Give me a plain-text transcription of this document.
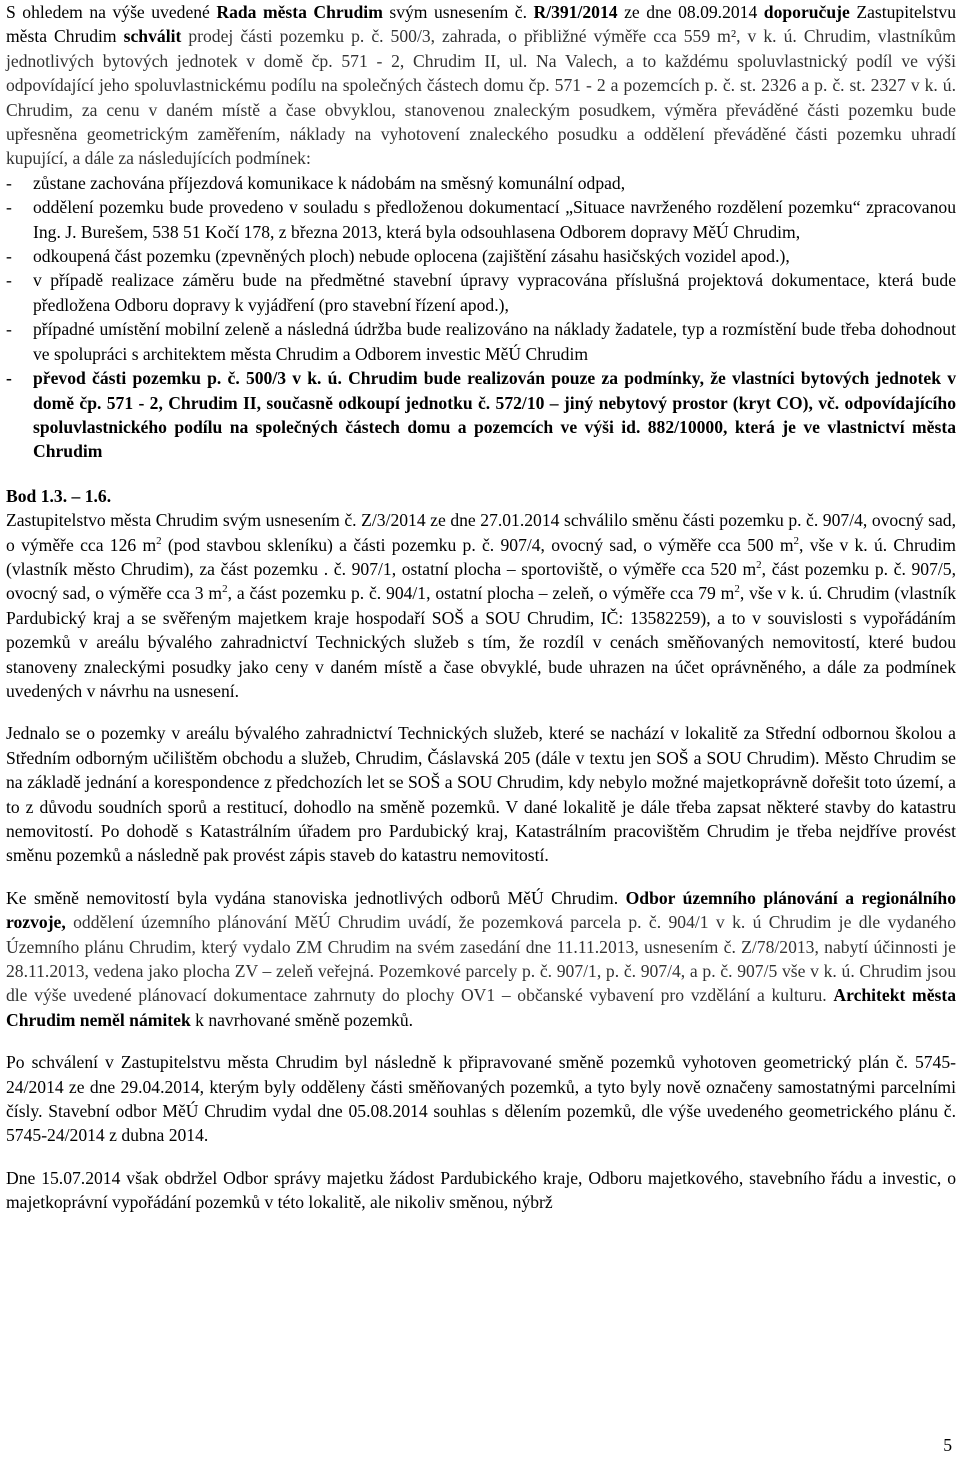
S ohledem na výše uvedené Rada města Chrudim svým usnesením č. R/391/2014 ze dne 08.09.2014 doporučuje Zastupitelstvu města Chrudim schválit prodej části pozemku p. č. 500/3, zahrada, o přibližné výměře cca 559 m², v k. ú. Chrudim, vlastníkům jednotlivých bytových jednotek v domě čp. 571 - 2, Chrudim II, ul. Na Valech, a to každému spoluvlastnický podíl ve výši odpovídající jeho spoluvlastnickému podílu na společných částech domu čp. 571 - 2 a pozemcích p. č. st. 2326 a p. č. st. 2327 v k. ú. Chrudim, za cenu v daném místě a čase obvyklou, stanovenou znaleckým posudkem, výměra převáděné části pozemku bude upřesněna geometrickým zaměřením, náklady na vyhotovení znaleckého posudku a oddělení převáděné části pozemku uhradí kupující, a dále za následujících podmínek:

-	zůstane zachována příjezdová komunikace k nádobám na směsný komunální odpad,
-	oddělení pozemku bude provedeno v souladu s předloženou dokumentací „Situace navrženého rozdělení pozemku“ zpracovanou Ing. J. Burešem, 538 51 Kočí 178, z března 2013, která byla odsouhlasena Odborem dopravy MěÚ Chrudim,
-	odkoupená část pozemku (zpevněných ploch) nebude oplocena (zajištění zásahu hasičských vozidel apod.),
-	v případě realizace záměru bude na předmětné stavební úpravy vypracována příslušná projektová dokumentace, která bude předložena Odboru dopravy k vyjádření (pro stavební řízení apod.),
-	případné umístění mobilní zeleně a následná údržba bude realizováno na náklady žadatele, typ a rozmístění bude třeba dohodnout ve spolupráci s architektem města Chrudim a Odborem investic MěÚ Chrudim
-	převod části pozemku p. č. 500/3 v k. ú. Chrudim bude realizován pouze za podmínky, že vlastníci bytových jednotek v domě čp. 571 - 2, Chrudim II, současně odkoupí jednotku č. 572/10 – jiný nebytový prostor (kryt CO), vč. odpovídajícího spoluvlastnického podílu na společných částech domu a pozemcích ve výši id. 882/10000, která je ve vlastnictví města Chrudim

Bod 1.3. – 1.6.

Zastupitelstvo města Chrudim svým usnesením č. Z/3/2014 ze dne 27.01.2014 schválilo směnu části pozemku p. č. 907/4, ovocný sad, o výměře cca 126 $m^2$ (pod stavbou skleníku) a části pozemku p. č. 907/4, ovocný sad, o výměře cca 500 $m^2$, vše v k. ú. Chrudim (vlastník město Chrudim), za část pozemku . č. 907/1, ostatní plocha – sportoviště, o výměře cca 520 $m^2$, část pozemku p. č. 907/5, ovocný sad, o výměře cca 3 $m^2$, a část pozemku p. č. 904/1, ostatní plocha – zeleň, o výměře cca 79 $m^2$, vše v k. ú. Chrudim (vlastník Pardubický kraj a se svěřeným majetkem kraje hospodaří SOŠ a SOU Chrudim, IČ: 13582259), a to v souvislosti s vypořádáním pozemků v areálu bývalého zahradnictví Technických služeb s tím, že rozdíl v cenách směňovaných nemovitostí, které budou stanoveny znaleckými posudky jako ceny v daném místě a čase obvyklé, bude uhrazen na účet oprávněného, a dále za podmínek uvedených v návrhu na usnesení.

Jednalo se o pozemky v areálu bývalého zahradnictví Technických služeb, které se nachází v lokalitě za Střední odbornou školou a Středním odborným učilištěm obchodu a služeb, Chrudim, Čáslavská 205 (dále v textu jen SOŠ a SOU Chrudim). Město Chrudim se na základě jednání a korespondence z předchozích let se SOŠ a SOU Chrudim, kdy nebylo možné majetkoprávně dořešit toto území, a to z důvodu soudních sporů a restitucí, dohodlo na směně pozemků. V dané lokalitě je dále třeba zapsat některé stavby do katastru nemovitostí. Po dohodě s Katastrálním úřadem pro Pardubický kraj, Katastrálním pracovištěm Chrudim je třeba nejdříve provést směnu pozemků a následně pak provést zápis staveb do katastru nemovitostí.

Ke směně nemovitostí byla vydána stanoviska jednotlivých odborů MěÚ Chrudim. Odbor územního plánování a regionálního rozvoje, oddělení územního plánování MěÚ Chrudim uvádí, že pozemková parcela p. č. 904/1 v k. ú Chrudim je dle vydaného Územního plánu Chrudim, který vydalo ZM Chrudim na svém zasedání dne 11.11.2013, usnesením č. Z/78/2013, nabytí účinnosti je 28.11.2013, vedena jako plocha ZV – zeleň veřejná. Pozemkové parcely p. č. 907/1, p. č. 907/4, a p. č. 907/5 vše v k. ú. Chrudim jsou dle výše uvedené plánovací dokumentace zahrnuty do plochy OV1 – občanské vybavení pro vzdělání a kulturu. Architekt města Chrudim neměl námitek k navrhované směně pozemků.

Po schválení v Zastupitelstvu města Chrudim byl následně k připravované směně pozemků vyhotoven geometrický plán č. 5745-24/2014 ze dne 29.04.2014, kterým byly odděleny části směňovaných pozemků, a tyto byly nově označeny samostatnými parcelními čísly. Stavební odbor MěÚ Chrudim vydal dne 05.08.2014 souhlas s dělením pozemků, dle výše uvedeného geometrického plánu č. 5745-24/2014 z dubna 2014.

Dne 15.07.2014 však obdržel Odbor správy majetku žádost Pardubického kraje, Odboru majetkového, stavebního řádu a investic, o majetkoprávní vypořádání pozemků v této lokalitě, ale nikoliv směnou, nýbrž

5
